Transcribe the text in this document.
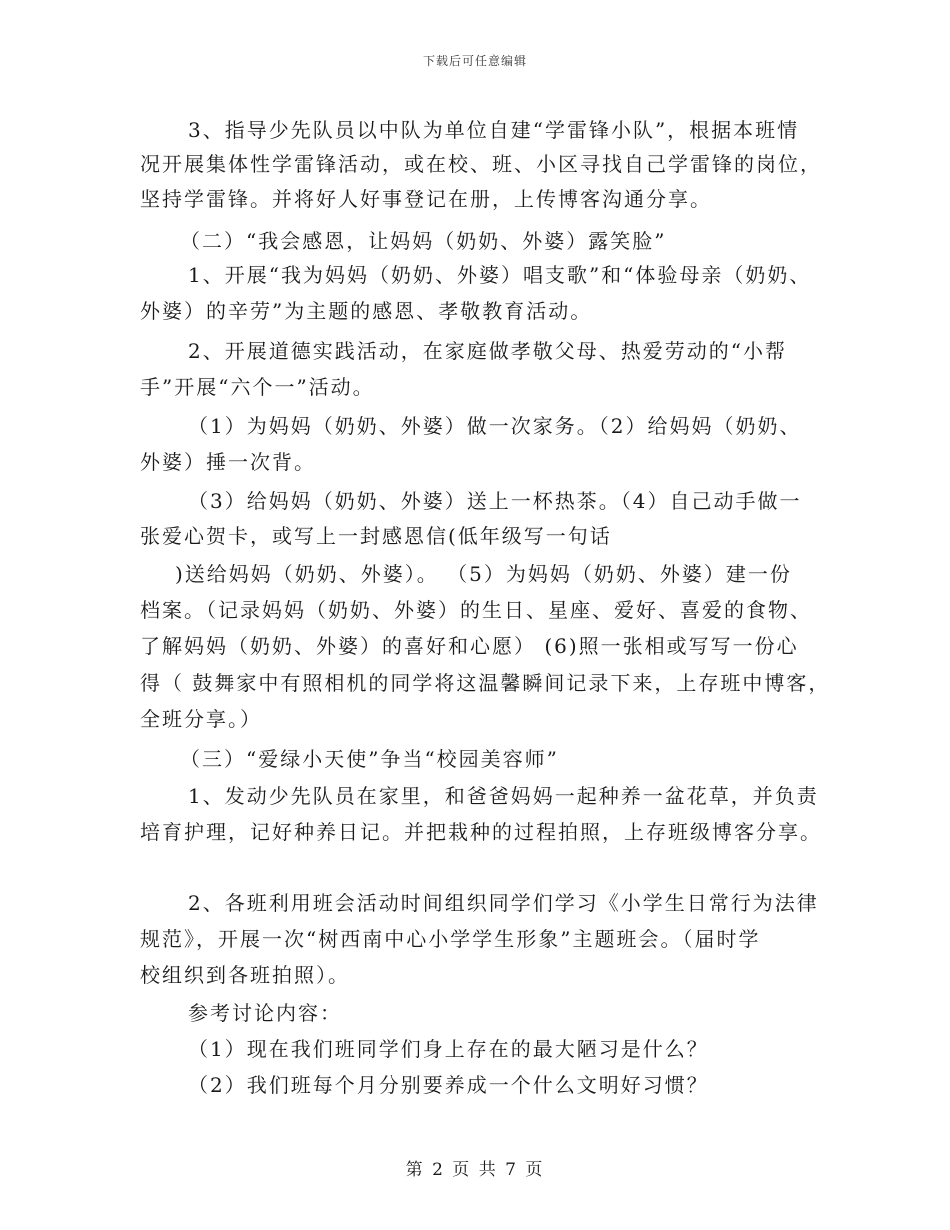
下载后可任意编辑
3、指导少先队员以中队为单位自建“学雷锋小队”，根据本班情
况开展集体性学雷锋活动，或在校、班、小区寻找自己学雷锋的岗位，
坚持学雷锋。并将好人好事登记在册，上传博客沟通分享。
（二）“我会感恩，让妈妈（奶奶、外婆）露笑脸”
1、开展“我为妈妈（奶奶、外婆）唱支歌”和“体验母亲（奶奶、
外婆）的辛劳”为主题的感恩、孝敬教育活动。
2、开展道德实践活动，在家庭做孝敬父母、热爱劳动的“小帮
手”开展“六个一”活动。
（1）为妈妈（奶奶、外婆）做一次家务。（2）给妈妈（奶奶、
外婆）捶一次背。
（3）给妈妈（奶奶、外婆）送上一杯热茶。（4）自己动手做一
张爱心贺卡，或写上一封感恩信(低年级写一句话
)送给妈妈（奶奶、外婆）。 （5）为妈妈（奶奶、外婆）建一份
档案。（记录妈妈（奶奶、外婆）的生日、星座、爱好、喜爱的食物、
了解妈妈（奶奶、外婆）的喜好和心愿） (6)照一张相或写写一份心
得（ 鼓舞家中有照相机的同学将这温馨瞬间记录下来，上存班中博客，
全班分享。）
（三）“爱绿小天使”争当“校园美容师”
1、发动少先队员在家里，和爸爸妈妈一起种养一盆花草，并负责
培育护理，记好种养日记。并把栽种的过程拍照，上存班级博客分享。
2、各班利用班会活动时间组织同学们学习《小学生日常行为法律
规范》，开展一次“树西南中心小学学生形象”主题班会。（届时学
校组织到各班拍照）。
参考讨论内容：
（1）现在我们班同学们身上存在的最大陋习是什么？
（2）我们班每个月分别要养成一个什么文明好习惯？
第 2 页 共 7 页
